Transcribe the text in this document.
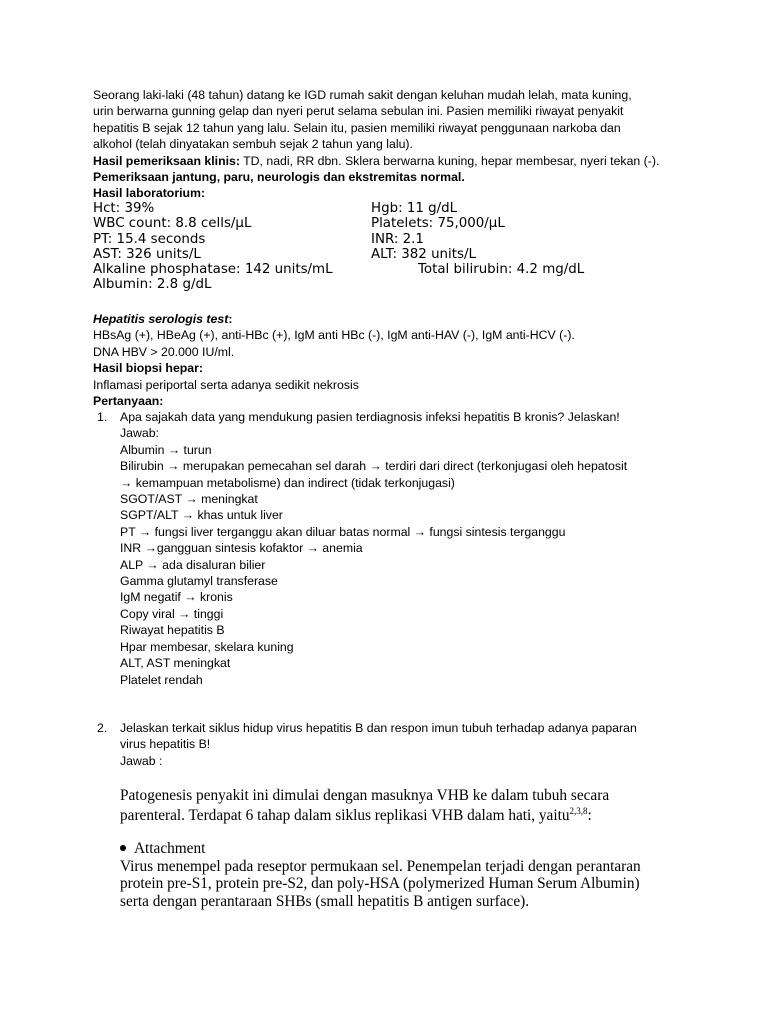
Seorang laki-laki (48 tahun) datang ke IGD rumah sakit dengan keluhan mudah lelah, mata kuning,
urin berwarna gunning gelap dan nyeri perut selama sebulan ini. Pasien memiliki riwayat penyakit
hepatitis B sejak 12 tahun yang lalu. Selain itu, pasien memiliki riwayat penggunaan narkoba dan
alkohol (telah dinyatakan sembuh sejak 2 tahun yang lalu).
Hasil pemeriksaan klinis: TD, nadi, RR dbn. Sklera berwarna kuning, hepar membesar, nyeri tekan (-).
Pemeriksaan jantung, paru, neurologis dan ekstremitas normal.
Hasil laboratorium:
Hct: 39%	Hgb: 11 g/dL
WBC count: 8.8 cells/μL	Platelets: 75,000/μL
PT: 15.4 seconds	INR: 2.1
AST: 326 units/L	ALT: 382 units/L
Alkaline phosphatase: 142 units/mL	Total bilirubin: 4.2 mg/dL
Albumin: 2.8 g/dL
Hepatitis serologis test:
HBsAg (+), HBeAg (+), anti-HBc (+), IgM anti HBc (-), IgM anti-HAV (-), IgM anti-HCV (-).
DNA HBV > 20.000 IU/ml.
Hasil biopsi hepar:
Inflamasi periportal serta adanya sedikit nekrosis
Pertanyaan:
1. Apa sajakah data yang mendukung pasien terdiagnosis infeksi hepatitis B kronis? Jelaskan!
Jawab:
Albumin → turun
Bilirubin → merupakan pemecahan sel darah → terdiri dari direct (terkonjugasi oleh hepatosit
→ kemampuan metabolisme) dan indirect (tidak terkonjugasi)
SGOT/AST → meningkat
SGPT/ALT → khas untuk liver
PT → fungsi liver terganggu akan diluar batas normal → fungsi sintesis terganggu
INR →gangguan sintesis kofaktor → anemia
ALP → ada disaluran bilier
Gamma glutamyl transferase
IgM negatif → kronis
Copy viral → tinggi
Riwayat hepatitis B
Hpar membesar, skelara kuning
ALT, AST meningkat
Platelet rendah
2. Jelaskan terkait siklus hidup virus hepatitis B dan respon imun tubuh terhadap adanya paparan
virus hepatitis B!
Jawab :
Patogenesis penyakit ini dimulai dengan masuknya VHB ke dalam tubuh secara
parenteral. Terdapat 6 tahap dalam siklus replikasi VHB dalam hati, yaitu$^{2,3,8}$:
Attachment
Virus menempel pada reseptor permukaan sel. Penempelan terjadi dengan perantaran
protein pre-S1, protein pre-S2, dan poly-HSA (polymerized Human Serum Albumin)
serta dengan perantaraan SHBs (small hepatitis B antigen surface).
